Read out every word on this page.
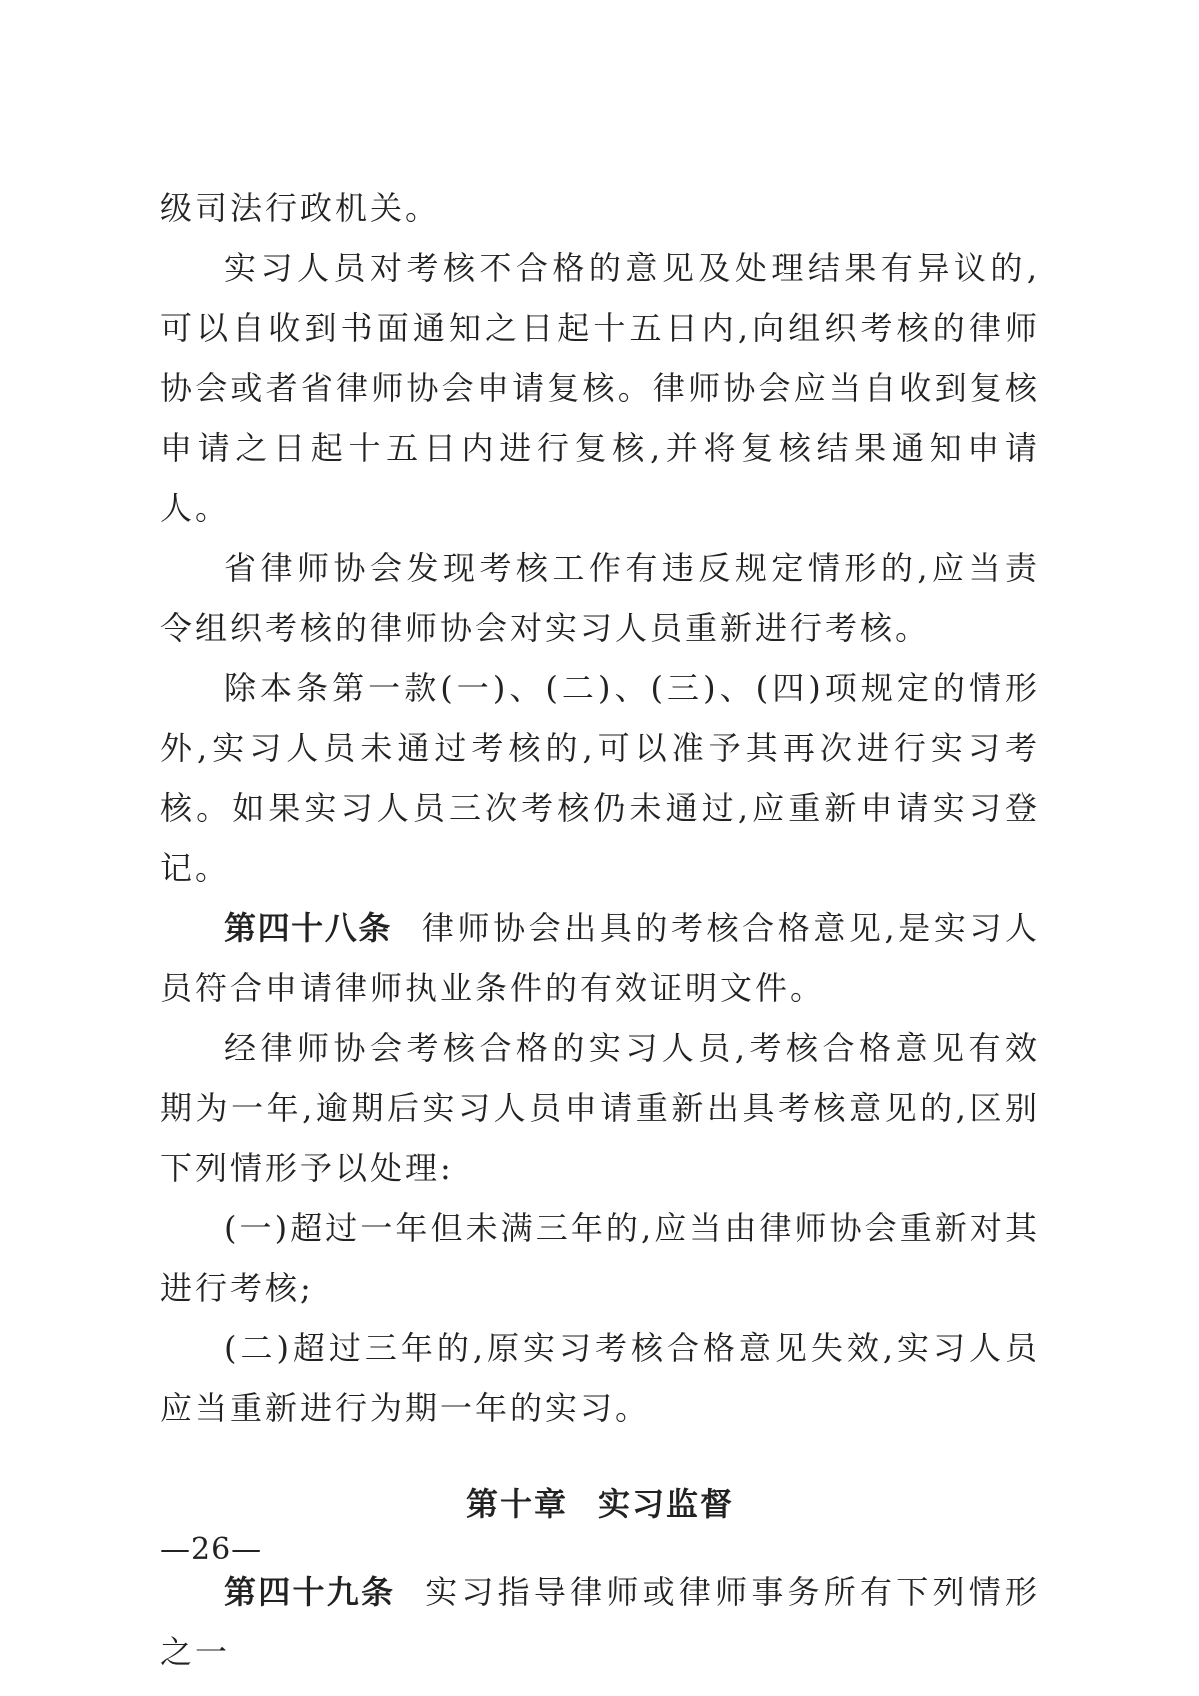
级司法行政机关。

实习人员对考核不合格的意见及处理结果有异议的,可以自收到书面通知之日起十五日内,向组织考核的律师协会或者省律师协会申请复核。律师协会应当自收到复核申请之日起十五日内进行复核,并将复核结果通知申请人。

省律师协会发现考核工作有违反规定情形的,应当责令组织考核的律师协会对实习人员重新进行考核。

除本条第一款(一)、(二)、(三)、(四)项规定的情形外,实习人员未通过考核的,可以准予其再次进行实习考核。如果实习人员三次考核仍未通过,应重新申请实习登记。

第四十八条 律师协会出具的考核合格意见,是实习人员符合申请律师执业条件的有效证明文件。

经律师协会考核合格的实习人员,考核合格意见有效期为一年,逾期后实习人员申请重新出具考核意见的,区别下列情形予以处理:

(一)超过一年但未满三年的,应当由律师协会重新对其进行考核;

(二)超过三年的,原实习考核合格意见失效,实习人员应当重新进行为期一年的实习。

第十章 实习监督

第四十九条 实习指导律师或律师事务所有下列情形之一

—26—
